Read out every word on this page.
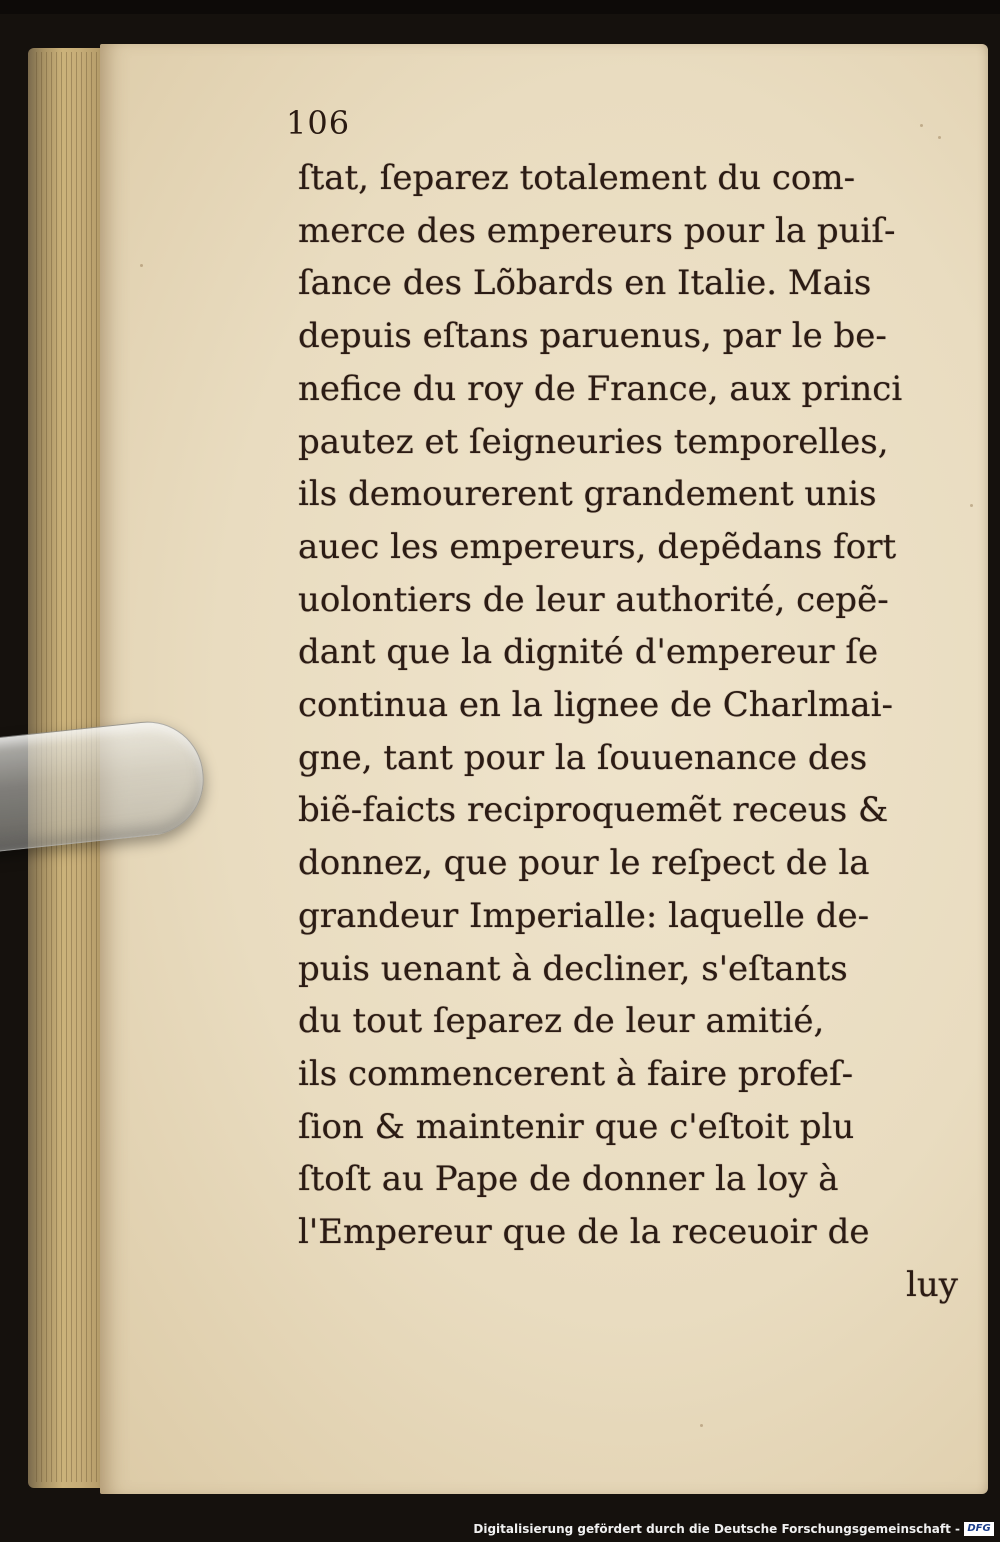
106
ſtat, ſeparez totalement du com-
merce des empereurs pour la puiſ-
ſance des Lõbards en Italie. Mais
depuis eſtans paruenus, par le be-
nefice du roy de France, aux princi
pautez et ſeigneuries temporelles,
ils demourerent grandement unis
auec les empereurs, depẽdans fort
uolontiers de leur authorité, cepẽ-
dant que la dignité d'empereur ſe
continua en la lignee de Charlmai-
gne, tant pour la ſouuenance des
biẽ-faicts reciproquemẽt receus &
donnez, que pour le reſpect de la
grandeur Imperialle: laquelle de-
puis uenant à decliner, s'eſtants
du tout ſeparez de leur amitié,
ils commencerent à faire profeſ-
ſion & maintenir que c'eſtoit plu
ſtoſt au Pape de donner la loy à
l'Empereur que de la receuoir de
luy
Digitalisierung gefördert durch die Deutsche Forschungsgemeinschaft - DFG
